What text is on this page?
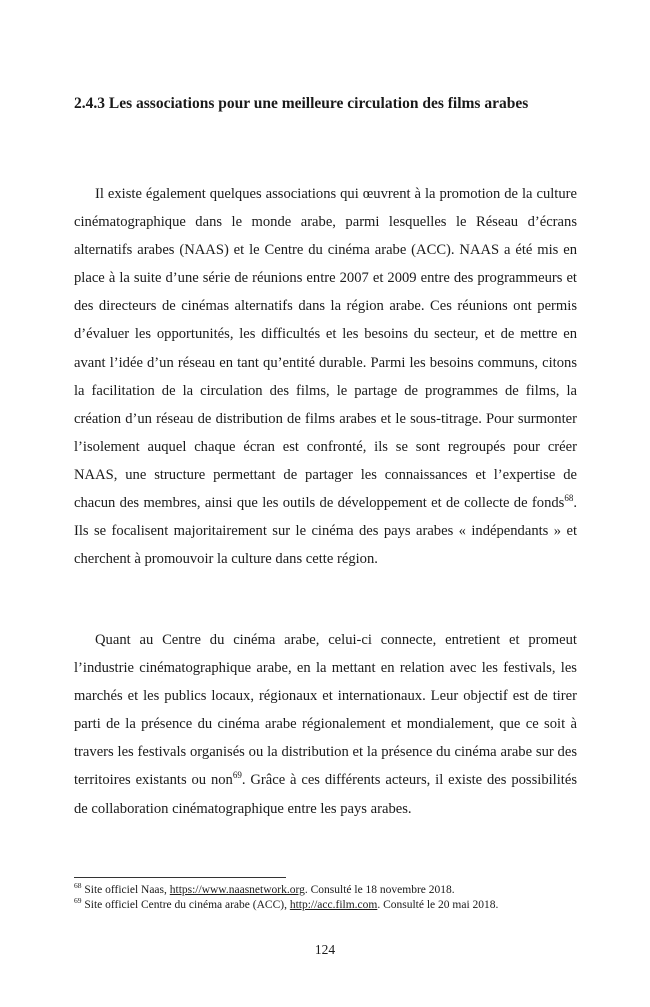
2.4.3 Les associations pour une meilleure circulation des films arabes

Il existe également quelques associations qui œuvrent à la promotion de la culture cinématographique dans le monde arabe, parmi lesquelles le Réseau d’écrans alternatifs arabes (NAAS) et le Centre du cinéma arabe (ACC). NAAS a été mis en place à la suite d’une série de réunions entre 2007 et 2009 entre des programmeurs et des directeurs de cinémas alternatifs dans la région arabe. Ces réunions ont permis d’évaluer les opportunités, les difficultés et les besoins du secteur, et de mettre en avant l’idée d’un réseau en tant qu’entité durable. Parmi les besoins communs, citons la facilitation de la circulation des films, le partage de programmes de films, la création d’un réseau de distribution de films arabes et le sous-titrage. Pour surmonter l’isolement auquel chaque écran est confronté, ils se sont regroupés pour créer NAAS, une structure permettant de partager les connaissances et l’expertise de chacun des membres, ainsi que les outils de développement et de collecte de fonds$^{68}$. Ils se focalisent majoritairement sur le cinéma des pays arabes « indépendants » et cherchent à promouvoir la culture dans cette région.

Quant au Centre du cinéma arabe, celui-ci connecte, entretient et promeut l’industrie cinématographique arabe, en la mettant en relation avec les festivals, les marchés et les publics locaux, régionaux et internationaux. Leur objectif est de tirer parti de la présence du cinéma arabe régionalement et mondialement, que ce soit à travers les festivals organisés ou la distribution et la présence du cinéma arabe sur des territoires existants ou non$^{69}$. Grâce à ces différents acteurs, il existe des possibilités de collaboration cinématographique entre les pays arabes.

$^{68}$ Site officiel Naas, https://www.naasnetwork.org. Consulté le 18 novembre 2018.
$^{69}$ Site officiel Centre du cinéma arabe (ACC), http://acc.film.com. Consulté le 20 mai 2018.
124
